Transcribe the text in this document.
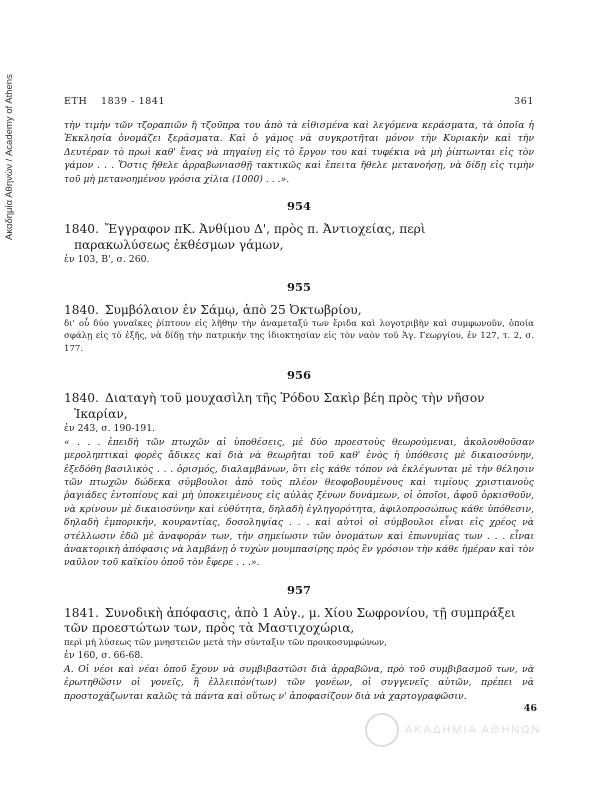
Ακαδημία Αθηνών / Academy of Athens	ΕΤΗ 1839 - 1841	361

τὴν τιμὴν τῶν τζοραπιῶν ἤ τζοῦπρα του ἀπὸ τὰ εἰθισμένα καὶ λεγόμενα κεράσματα, τὰ ὁποῖα ἡ Ἐκκλησία ὀνομάζει ξεράσματα. Καὶ ὁ γάμος νὰ συγκροτῆται μόνον τὴν Κυριακὴν καὶ τὴν Δευτέραν τὸ πρωὶ καθ' ἕνας νὰ πηγαίνῃ εἰς τὸ ἔργον του καὶ τυφέκια νὰ μὴ ῥίπτωνται εἰς τὸν γάμον . . . Ὅστις ἤθελε ἀρραβωνιασθῇ τακτικῶς καὶ ἔπειτα ἤθελε μετανοήσῃ, νὰ δίδῃ εἰς τιμὴν τοῦ μὴ μετανοημένου γρόσια χίλια (1000) . . .».

954

1840. Ἔγγραφον πΚ. Ἀνθίμου Δ', πρὸς π. Ἀντιοχείας, περὶ
παρακωλύσεως ἐκθέσμων γάμων,

ἐν 103, Β', σ. 260.

955

1840. Συμβόλαιον ἐν Σάμῳ, ἀπὸ 25 Ὀκτωβρίου,

δι' οὗ δύο γυναῖκες ῥίπτουν εἰς λῆθην τὴν ἀναμεταξύ των ἔριδα καὶ λογοτριβὴν καὶ συμφωνοῦν, ὁποία σφάλῃ εἰς τὸ ἑξῆς, νὰ δίδῃ τὴν πατρικήν της ἰδιοκτησίαν εἰς τὸν ναὸν τοῦ Ἁγ. Γεωργίου, ἐν 127, τ. 2, σ. 177.

956

1840. Διαταγὴ τοῦ μουχασὶλη τῆς Ῥόδου Σακὶρ βέη πρὸς τὴν νῆσον
Ἰκαρίαν,

ἐν 243, σ. 190-191.

« . . . ἐπειδὴ τῶν πτωχῶν αἱ ὑποθέσεις, μὲ δύο προεστοὺς θεωρούμεναι, ἀκολουθοῦσαν μεροληπτικαὶ φορὲς ἄδικες καὶ διὰ νὰ θεωρῆται τοῦ καθ' ἑνὸς ἡ ὑπόθεσις μὲ δικαιοσύνην, ἐξεδόθη βασιλικὸς . . . ὁρισμός, διαλαμβάνων, ὅτι εἰς κάθε τόπον νὰ ἐκλέγωνται μὲ τὴν θέλησιν τῶν πτωχῶν δώδεκα σύμβουλοι ἀπὸ τοὺς πλέον θεοφοβουμένους καὶ τιμίους χριστιανοὺς ῥαγιάδες ἐντοπίους καὶ μὴ ὑποκειμένους εἰς αὐλὰς ξένων δυνάμεων, οἱ ὁποῖοι, ἀφοῦ ὁρκισθοῦν, νὰ κρίνουν μὲ δικαιοσύνην καὶ εὐθύτητα, δηλαδὴ ἐγληγορότητα, ἀφιλοπροσώπως κάθε ὑπόθεσιν, δηλαδὴ ἐμπορικήν, κουραντίας, δοσοληψίας . . . καὶ αὐτοὶ οἱ σύμβουλοι εἶναι εἰς χρέος νὰ στέλλωσιν ἐδῶ μὲ ἀναφοράν των, τὴν σημείωσιν τῶν ὀνομάτων καὶ ἐπωνυμίας των . . . εἶναι ἀνακτορικὴ ἀπόφασις νὰ λαμβάνῃ ὁ τυχὼν μουμπασίρης πρὸς ἓν γρόσιον τὴν κάθε ἡμέραν καὶ τὸν ναῦλον τοῦ καϊκίου ὁποῦ τὸν ἔφερε . . .».

957

1841. Συνοδικὴ ἀπόφασις, ἀπὸ 1 Αὐγ., μ. Χίου Σωφρονίου, τῇ συμπράξει τῶν προεστώτων των, πρὸς τὰ Μαστιχοχώρια,

περὶ μὴ λύσεως τῶν μνηστειῶν μετὰ τὴν σύνταξιν τῶν προικοσυμφώνων,

ἐν 160, σ. 66-68.

Α. Οἱ νέοι καὶ νέαι ὁποῦ ἔχουν νὰ συμβιβαστῶσι διὰ ἀρραβῶνα, πρὸ τοῦ συμβιβασμοῦ των, νὰ ἐρωτηθῶσιν οἱ γονεῖς, ἢ ἐλλειπόν(των) τῶν γονέων, οἱ συγγενεῖς αὐτῶν, πρέπει νὰ προστοχάζωνται καλῶς τὰ πάντα καὶ οὕτως ν' ἀποφασίζουν διὰ νὰ χαρτογραφῶσιν.

46
ΑΚΑΔΗΜΙΑ ΑΘΗΝΩΝ
